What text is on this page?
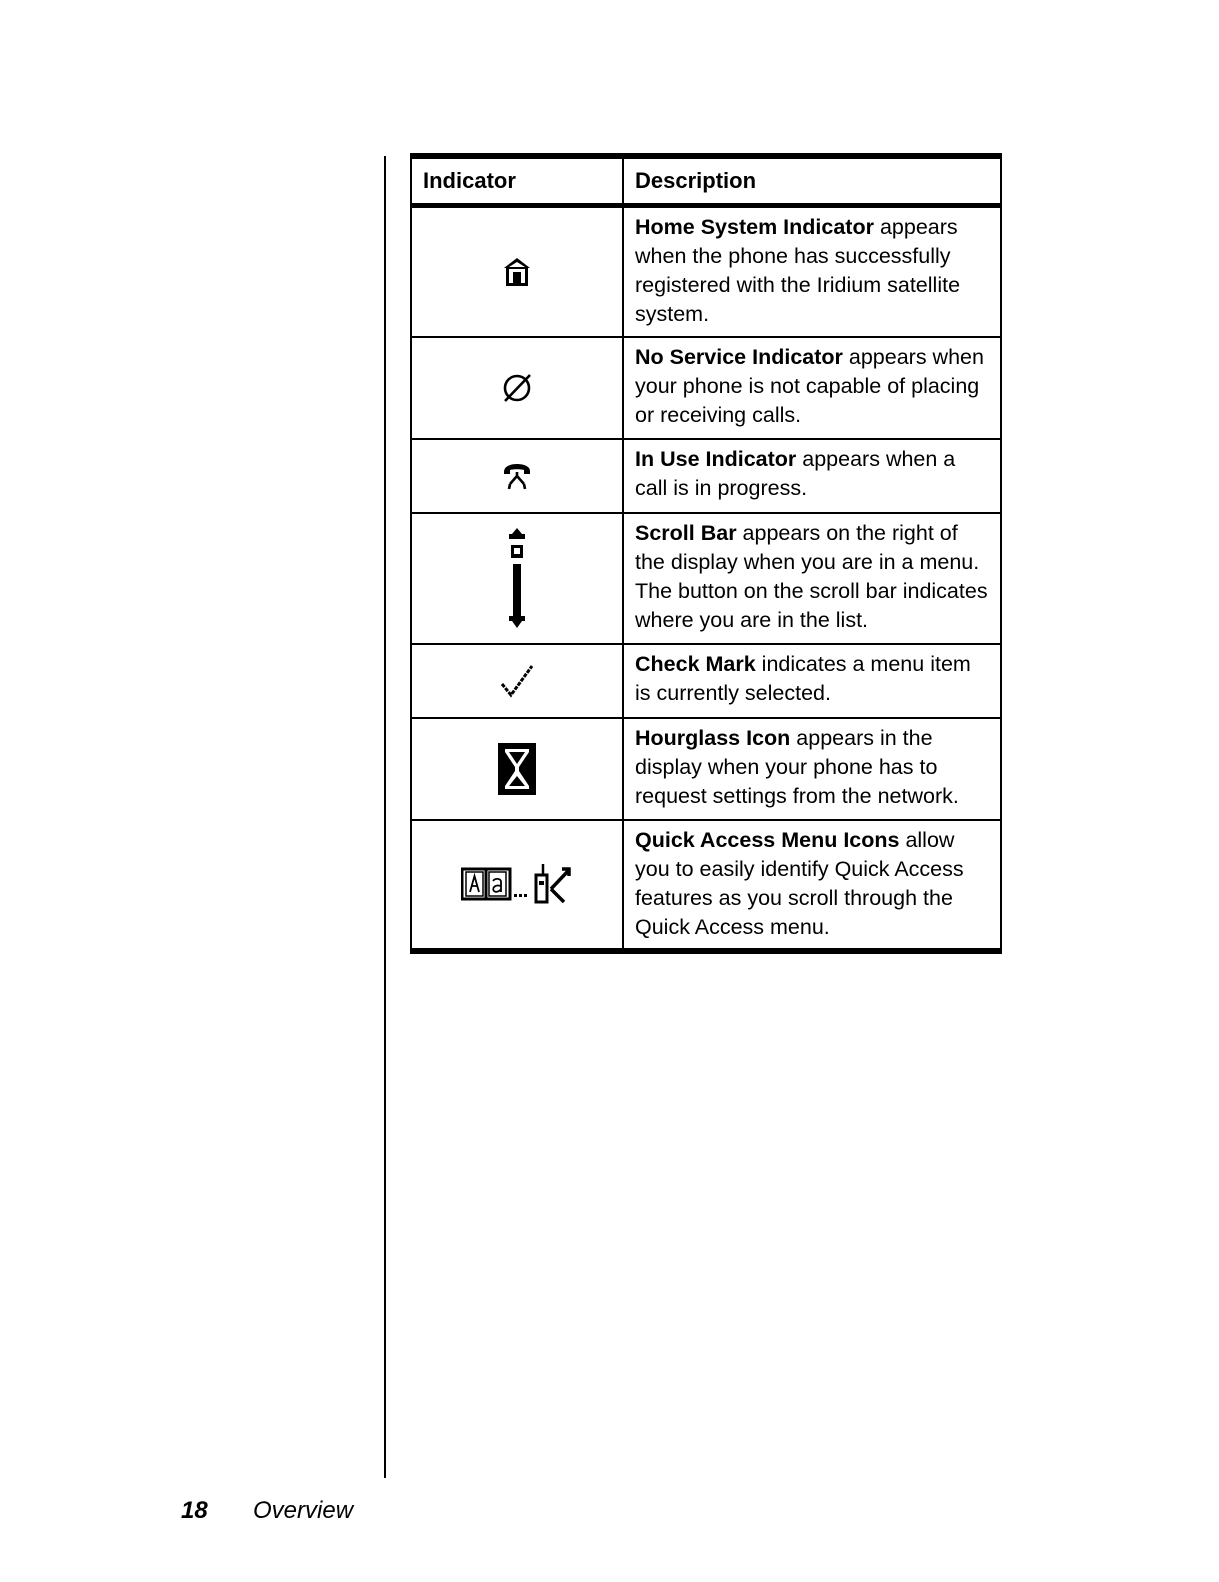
Indicator	Description
	Home System Indicator appears when the phone has successfully registered with the Iridium satellite system.
	No Service Indicator appears when your phone is not capable of placing or receiving calls.
	In Use Indicator appears when a call is in progress.
	Scroll Bar appears on the right of the display when you are in a menu. The button on the scroll bar indicates where you are in the list.
	Check Mark indicates a menu item is currently selected.
	Hourglass Icon appears in the display when your phone has to request settings from the network.
	Quick Access Menu Icons allow you to easily identify Quick Access features as you scroll through the Quick Access menu.
18 Overview
